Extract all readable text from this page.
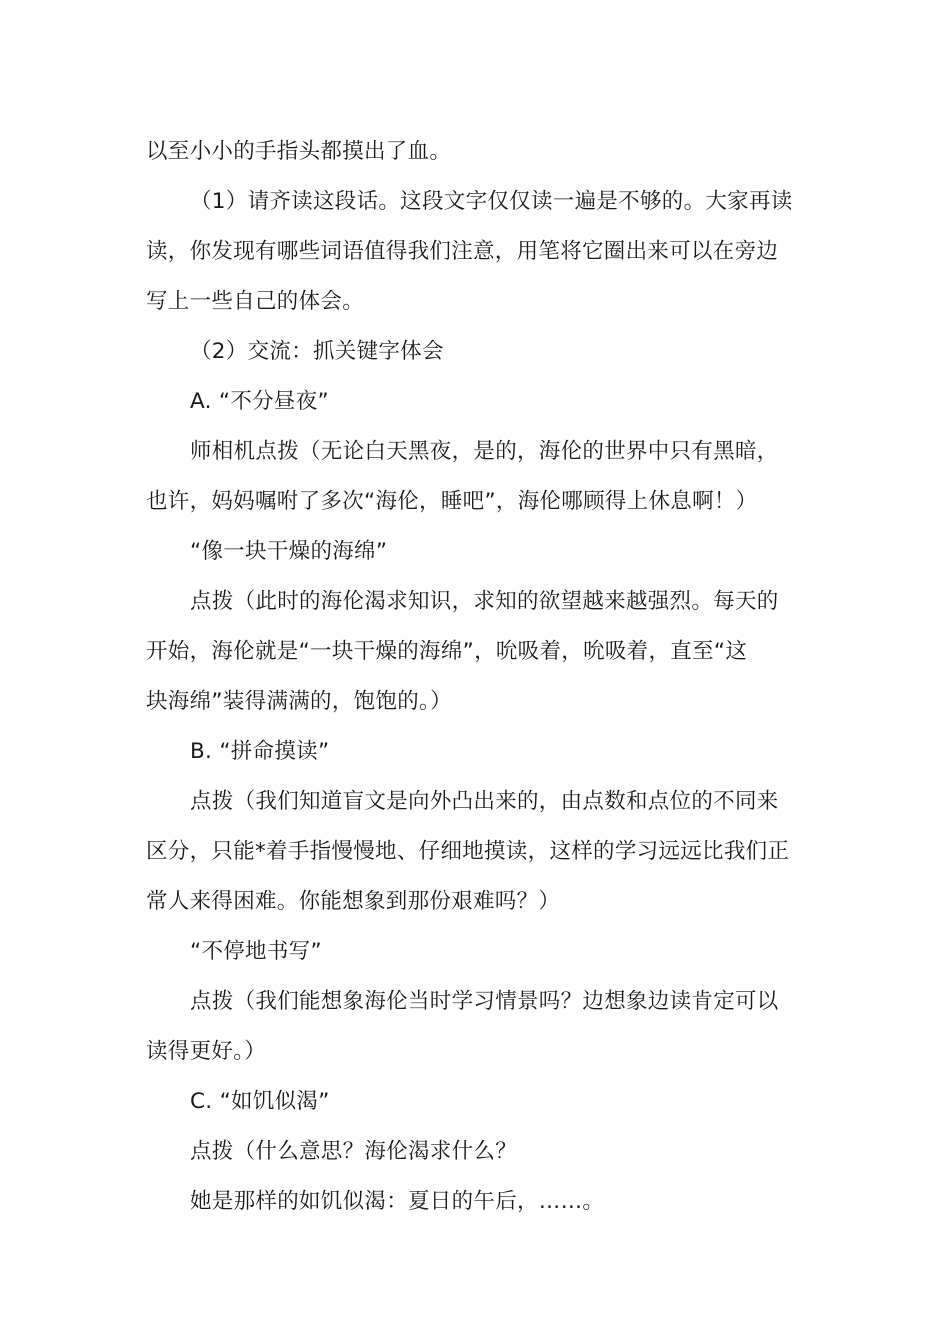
以至小小的手指头都摸出了血。
（1）请齐读这段话。这段文字仅仅读一遍是不够的。大家再读
读，你发现有哪些词语值得我们注意，用笔将它圈出来可以在旁边
写上一些自己的体会。
（2）交流：抓关键字体会
A. “不分昼夜”
师相机点拨（无论白天黑夜，是的，海伦的世界中只有黑暗，
也许，妈妈嘱咐了多次“海伦，睡吧”，海伦哪顾得上休息啊！）
“像一块干燥的海绵”
点拨（此时的海伦渴求知识，求知的欲望越来越强烈。每天的
开始，海伦就是“一块干燥的海绵”，吮吸着，吮吸着，直至“这
块海绵”装得满满的，饱饱的。）
B. “拼命摸读”
点拨（我们知道盲文是向外凸出来的，由点数和点位的不同来
区分，只能*着手指慢慢地、仔细地摸读，这样的学习远远比我们正
常人来得困难。你能想象到那份艰难吗？）
“不停地书写”
点拨（我们能想象海伦当时学习情景吗？边想象边读肯定可以
读得更好。）
C. “如饥似渴”
点拨（什么意思？海伦渴求什么？
她是那样的如饥似渴：夏日的午后，……。
